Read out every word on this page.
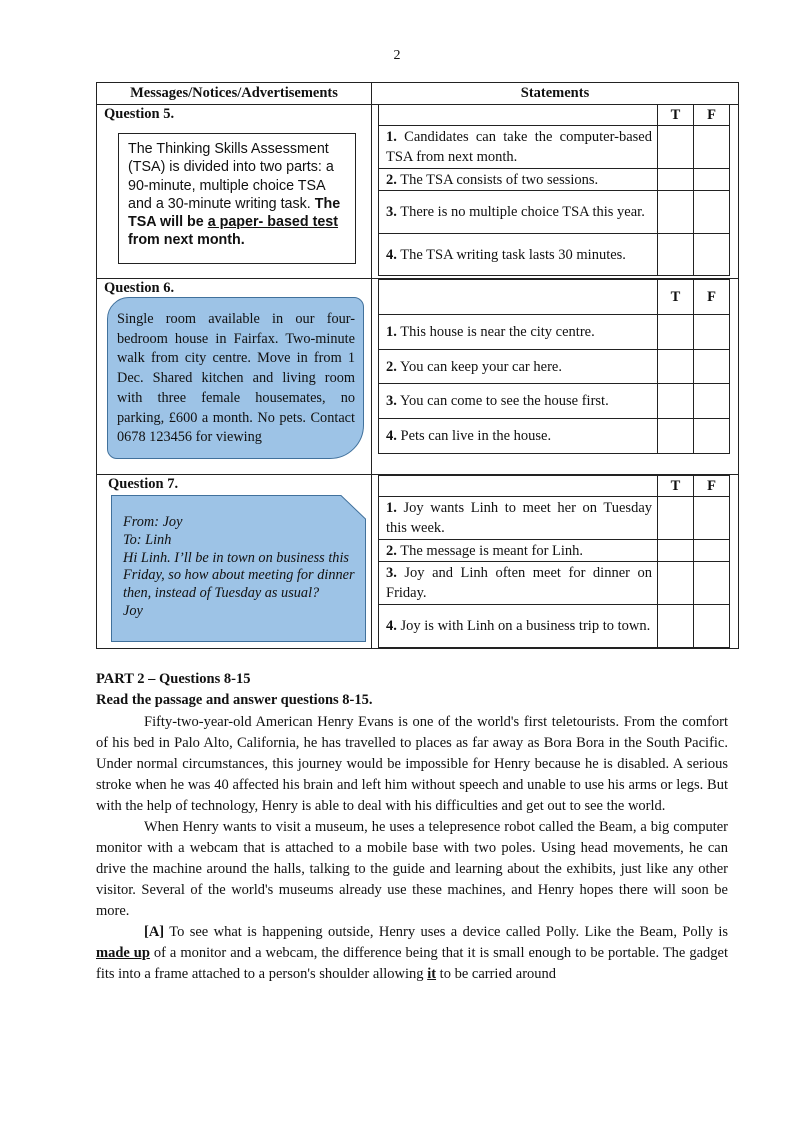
2
Messages/Notices/Advertisements	Statements
Question 5.
The Thinking Skills Assessment (TSA) is divided into two parts: a 90-minute, multiple choice TSA and a 30-minute writing task. The TSA will be a paper- based test from next month.
	T	F
1. Candidates can take the computer-based TSA from next month.		
2. The TSA consists of two sessions.		
3. There is no multiple choice TSA this year.		
4. The TSA writing task lasts 30 minutes.		
Question 6.
Single room available in our four-bedroom house in Fairfax. Two-minute walk from city centre. Move in from 1 Dec. Shared kitchen and living room with three female housemates, no parking, £600 a month. No pets. Contact 0678 123456 for viewing
	T	F
1. This house is near the city centre.		
2. You can keep your car here.		
3. You can come to see the house first.		
4. Pets can live in the house.		
Question 7.
From: Joy
To: Linh
Hi Linh. I’ll be in town on business this Friday, so how about meeting for dinner then, instead of Tuesday as usual?
Joy
	T	F
1. Joy wants Linh to meet her on Tuesday this week.		
2. The message is meant for Linh.		
3. Joy and Linh often meet for dinner on Friday.		
4. Joy is with Linh on a business trip to town.		
PART 2 – Questions 8-15
Read the passage and answer questions 8-15.

Fifty-two-year-old American Henry Evans is one of the world's first teletourists. From the comfort of his bed in Palo Alto, California, he has travelled to places as far away as Bora Bora in the South Pacific. Under normal circumstances, this journey would be impossible for Henry because he is disabled. A serious stroke when he was 40 affected his brain and left him without speech and unable to use his arms or legs. But with the help of technology, Henry is able to deal with his difficulties and get out to see the world.

When Henry wants to visit a museum, he uses a telepresence robot called the Beam, a big computer monitor with a webcam that is attached to a mobile base with two poles. Using head movements, he can drive the machine around the halls, talking to the guide and learning about the exhibits, just like any other visitor. Several of the world's museums already use these machines, and Henry hopes there will soon be more.

[A] To see what is happening outside, Henry uses a device called Polly. Like the Beam, Polly is made up of a monitor and a webcam, the difference being that it is small enough to be portable. The gadget fits into a frame attached to a person's shoulder allowing it to be carried around
